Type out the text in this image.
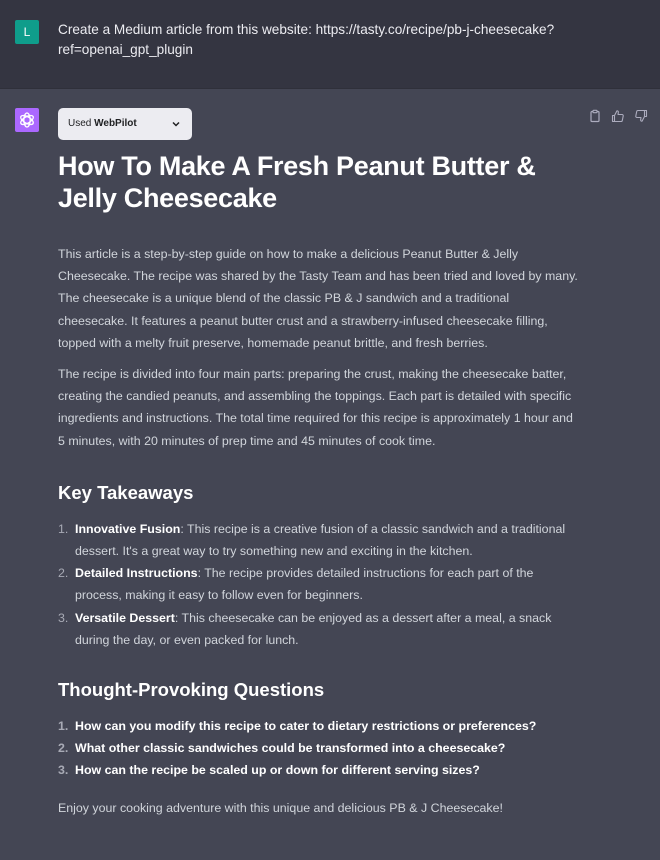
L	Create a Medium article from this website: https://tasty.co/recipe/pb-j-cheesecake?ref=openai_gpt_plugin
Used WebPilot
How To Make A Fresh Peanut Butter & Jelly Cheesecake

This article is a step-by-step guide on how to make a delicious Peanut Butter & Jelly Cheesecake. The recipe was shared by the Tasty Team and has been tried and loved by many. The cheesecake is a unique blend of the classic PB & J sandwich and a traditional cheesecake. It features a peanut butter crust and a strawberry-infused cheesecake filling, topped with a melty fruit preserve, homemade peanut brittle, and fresh berries.

The recipe is divided into four main parts: preparing the crust, making the cheesecake batter, creating the candied peanuts, and assembling the toppings. Each part is detailed with specific ingredients and instructions. The total time required for this recipe is approximately 1 hour and 5 minutes, with 20 minutes of prep time and 45 minutes of cook time.

Key Takeaways
1. Innovative Fusion: This recipe is a creative fusion of a classic sandwich and a traditional dessert. It's a great way to try something new and exciting in the kitchen.
2. Detailed Instructions: The recipe provides detailed instructions for each part of the process, making it easy to follow even for beginners.
3. Versatile Dessert: This cheesecake can be enjoyed as a dessert after a meal, a snack during the day, or even packed for lunch.
Thought-Provoking Questions
1. How can you modify this recipe to cater to dietary restrictions or preferences?
2. What other classic sandwiches could be transformed into a cheesecake?
3. How can the recipe be scaled up or down for different serving sizes?

Enjoy your cooking adventure with this unique and delicious PB & J Cheesecake!
